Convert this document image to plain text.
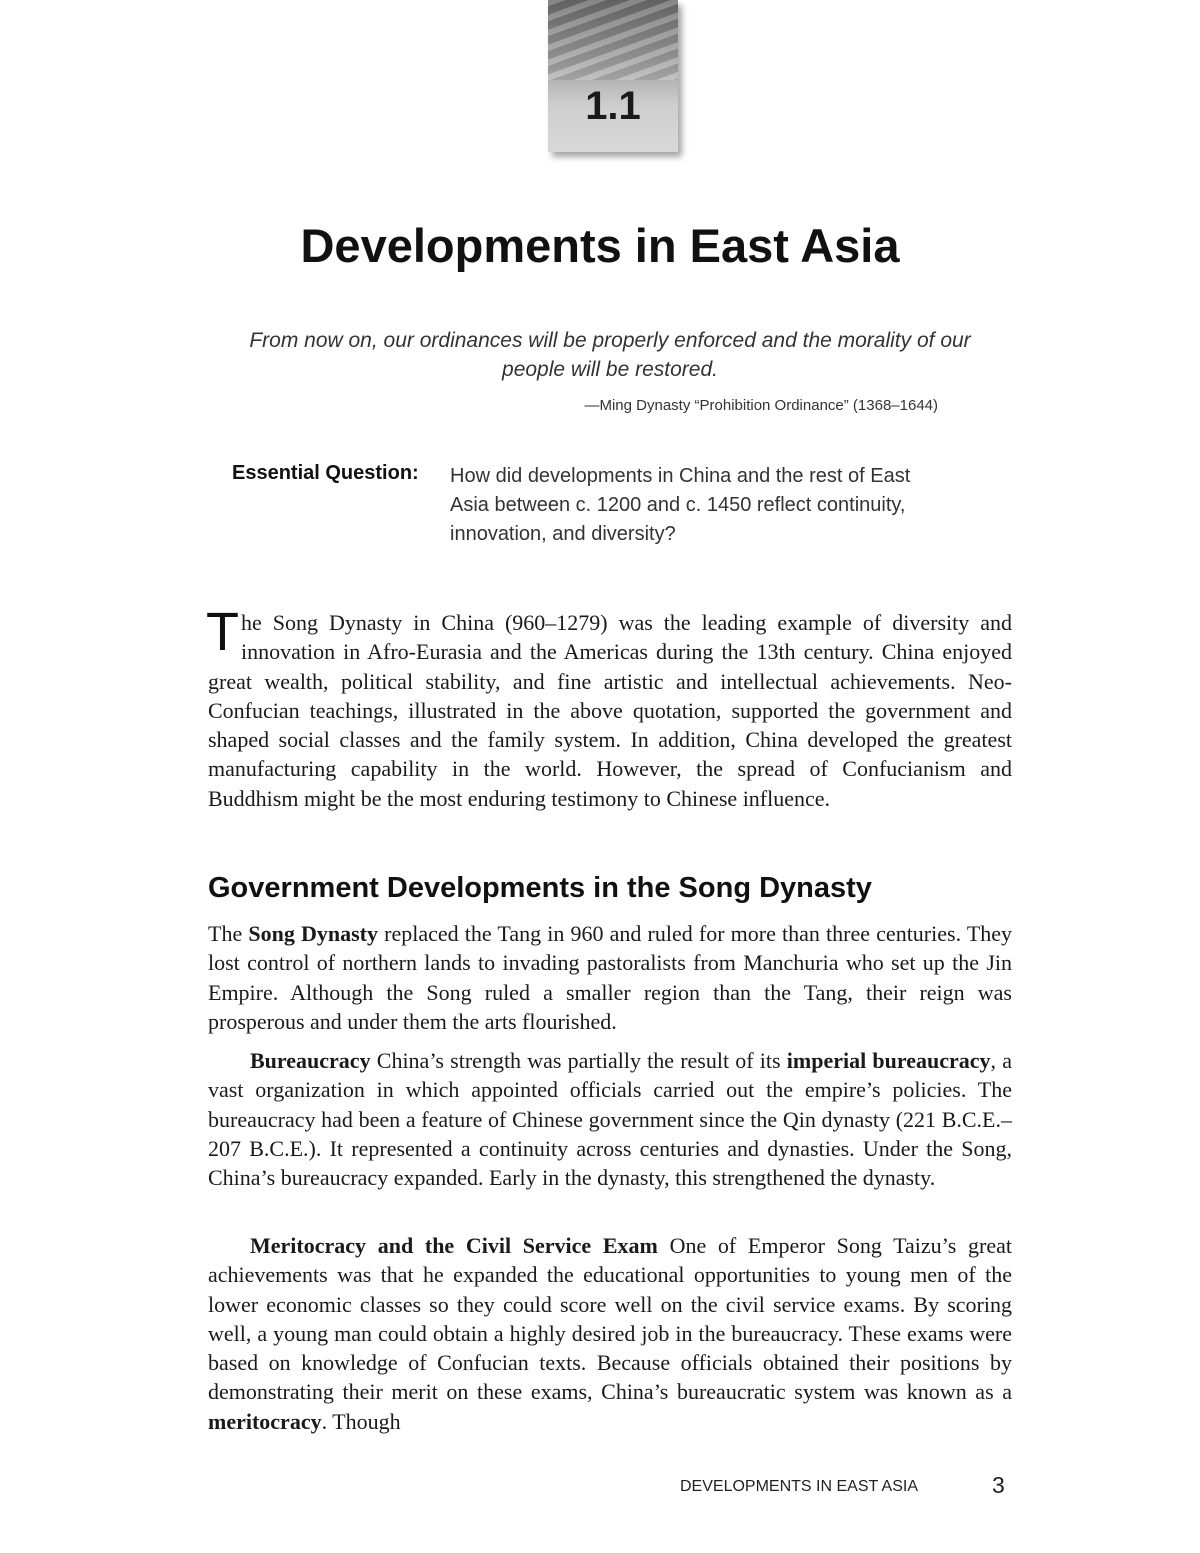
1.1
Developments in East Asia
From now on, our ordinances will be properly enforced and the morality of our
people will be restored.
—Ming Dynasty “Prohibition Ordinance” (1368–1644)
Essential Question: How did developments in China and the rest of East
Asia between c. 1200 and c. 1450 reflect continuity,
innovation, and diversity?

The Song Dynasty in China (960–1279) was the leading example of diversity and innovation in Afro-Eurasia and the Americas during the 13th century. China enjoyed great wealth, political stability, and fine artistic and intellectual achievements. Neo-Confucian teachings, illustrated in the above quotation, supported the government and shaped social classes and the family system. In addition, China developed the greatest manufacturing capability in the world. However, the spread of Confucianism and Buddhism might be the most enduring testimony to Chinese influence.

Government Developments in the Song Dynasty

The Song Dynasty replaced the Tang in 960 and ruled for more than three centuries. They lost control of northern lands to invading pastoralists from Manchuria who set up the Jin Empire. Although the Song ruled a smaller region than the Tang, their reign was prosperous and under them the arts flourished.

Bureaucracy China’s strength was partially the result of its imperial bureaucracy, a vast organization in which appointed officials carried out the empire’s policies. The bureaucracy had been a feature of Chinese government since the Qin dynasty (221 B.C.E.–207 B.C.E.). It represented a continuity across centuries and dynasties. Under the Song, China’s bureaucracy expanded. Early in the dynasty, this strengthened the dynasty.

Meritocracy and the Civil Service Exam One of Emperor Song Taizu’s great achievements was that he expanded the educational opportunities to young men of the lower economic classes so they could score well on the civil service exams. By scoring well, a young man could obtain a highly desired job in the bureaucracy. These exams were based on knowledge of Confucian texts. Because officials obtained their positions by demonstrating their merit on these exams, China’s bureaucratic system was known as a meritocracy. Though

DEVELOPMENTS IN EAST ASIA	3
